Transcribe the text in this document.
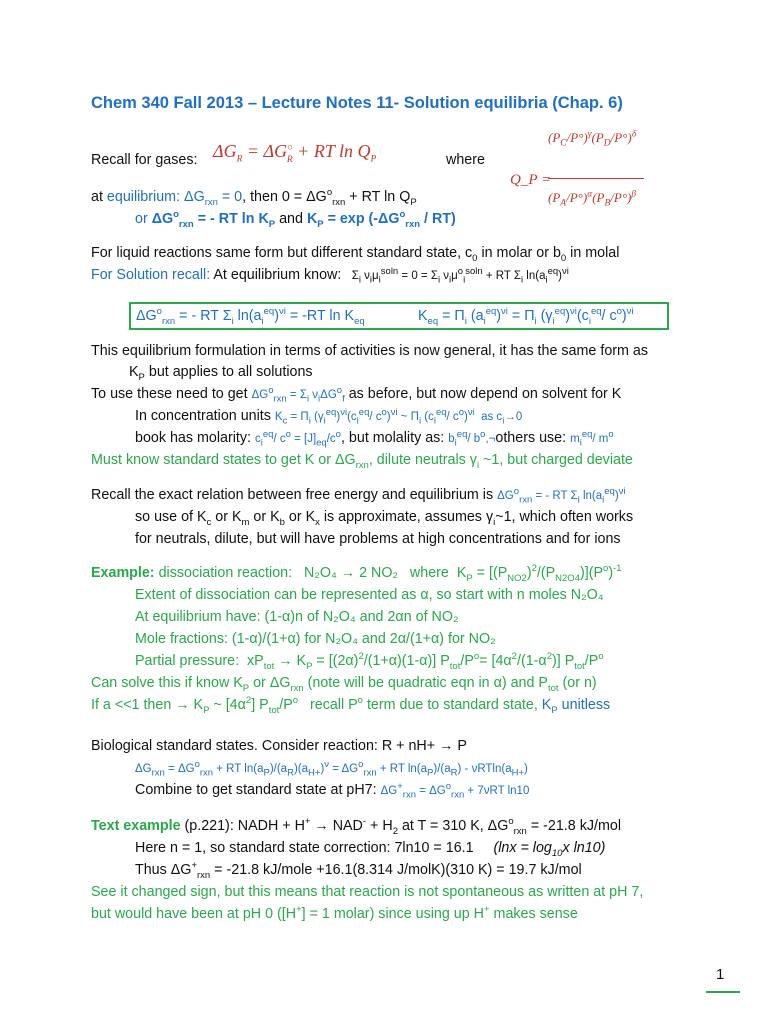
Chem 340 Fall 2013 – Lecture Notes 11- Solution equilibria (Chap. 6)
Recall for gases: $\Delta G_R = \Delta G^○_R$ + RT $\ln Q_P$	where
Q_P =
$(P_C/P^\circ)^\gamma(P_D/P^\circ)^\delta$
$(P_A/P^\circ)^\alpha(P_B/P^\circ)^\beta$
at equilibrium: $\Delta G_{rxn} = 0$, then $0 = \Delta G^o_{rxn}$ + RT $\ln Q_P$
or $\Delta G^o_{rxn}$ = - RT $\ln K_P$ and $K_P = \exp (-\Delta G^o_{rxn} / RT)$
For liquid reactions same form but different standard state, $c_0$ in molar or $b_0$ in molal
For Solution recall: At equilibrium know:   $\Sigma_i$ $\nu_i\mu_i^{soln} = 0 = \Sigma_i$ $\nu_i\mu^o_i^{soln}$ + RT $\Sigma_i$ $\ln(a_i^{eq})^{\nu i}$
$\Delta G^o_{rxn}$ = - RT $\Sigma_i$ $\ln(a_i^{eq})^{\nu i} = -RT$ $\ln K_{eq}$	$K_{eq} = \Pi_i$ $(a_i^{eq})^{\nu i} = \Pi_i$ $(\gamma_i^{eq})^{\nu i}(c_i^{eq}/$ $c^o)^{\nu i}$
This equilibrium formulation in terms of activities is now general, it has the same form as
$K_P$ but applies to all solutions
To use these need to get $\Delta G^o_{rxn} = \Sigma_i$ $\nu_i\Delta G^o_f$ as before, but now depend on solvent for K
In concentration units $K_c = \Pi_i$ $(\gamma_i^{eq})^{\nu i}(c_i^{eq}/$ $c^o)^{\nu i}$ ~ $\Pi_i$ ($c_i^{eq}/$ $c^o)^{\nu i}$  as $c_i\to 0$
book has molarity: $c_i^{eq}/$ $c^o = [J]_{eq}/c^o$, but molality as: $b_i^{eq}/$ $b^o,\neg others$ use: $m_i^{eq}/$ $m^o$
Must know standard states to get K or $\Delta G_{rxn}$, dilute neutrals $\gamma_i$ ~1, but charged deviate
Recall the exact relation between free energy and equilibrium is $\Delta G^o_{rxn}$ = - RT $\Sigma_i$ $\ln(a_i^{eq})^{\nu i}$
so use of $K_c$ or $K_m$ or $K_b$ or $K_x$ is approximate, assumes $\gamma_i\sim 1$, which often works
for neutrals, dilute, but will have problems at high concentrations and for ions
Example: dissociation reaction: N₂O₄ → 2 NO₂ where  $K_P = [(P_{NO2})^2/(P_{N2O4})](P^o)^{-1}$
Extent of dissociation can be represented as α, so start with n moles N₂O₄
At equilibrium have: (1-α)n of N₂O₄ and 2αn of NO₂
Mole fractions: (1-α)/(1+α) for N₂O₄ and 2α/(1+α) for NO₂
Partial pressure:  $xP_{tot} \to K_P = [(2\alpha)^2/(1+\alpha)(1-\alpha)]$ $P_{tot}/P^o= [4\alpha^2/(1-\alpha^2)]$ $P_{tot}/P^o$
Can solve this if know $K_P$ or $\Delta G_{rxn}$ (note will be quadratic eqn in α) and $P_{tot}$ (or n)
If a <<1 then → $K_P$ ~ $[4\alpha^2]$ $P_{tot}/P^o$ recall $P^o$ term due to standard state, $K_P$ unitless
Biological standard states. Consider reaction: R + nH+ → P
$\Delta G_{rxn} = \Delta G^o_{rxn}$ + RT $\ln(a_P)/(a_R)(a_{H+})^\nu = \Delta G^o_{rxn}$ + RT $\ln(a_P)/(a_R) - \nu RTln(a_{H+})$
Combine to get standard state at pH7: $\Delta G^+_{rxn} = \Delta G^o_{rxn} + 7\nu RT$ ln10
Text example (p.221): NADH + $H^+ \to NAD^- + H_2$ at T = 310 K, $\Delta G^o_{rxn} = -21.8$ kJ/mol
Here n = 1, so standard state correction: 7ln10 = 16.1 ($\ln x = \log_{10}x$ ln10)
Thus $\Delta G^+_{rxn} = -21.8$ kJ/mole +16.1(8.314 J/molK)(310 K) = 19.7 kJ/mol
See it changed sign, but this means that reaction is not spontaneous as written at pH 7,
but would have been at pH 0 ([H+] = 1 molar) since using up H+ makes sense
1
